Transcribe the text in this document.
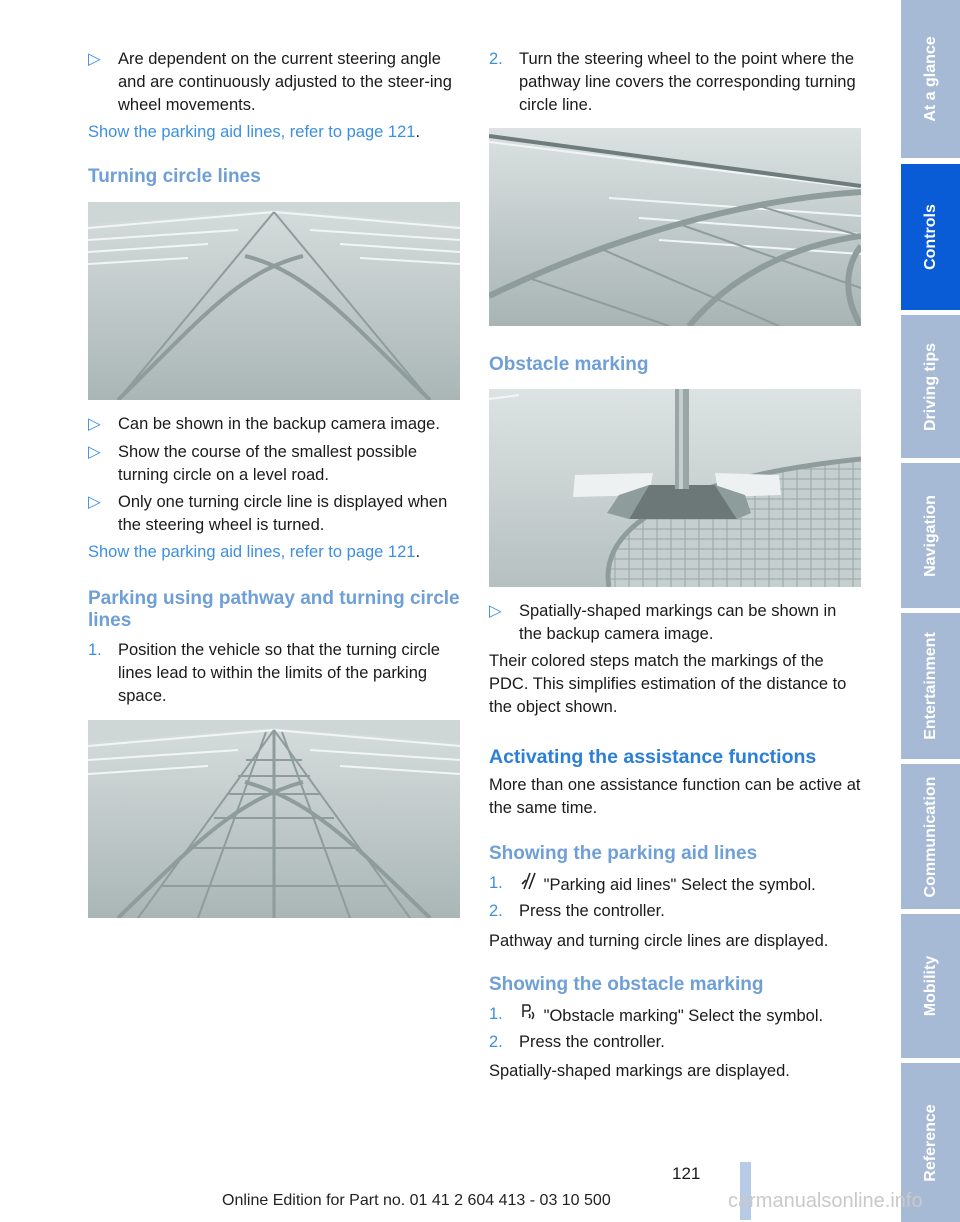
▷ Are dependent on the current steering angle and are continuously adjusted to the steer-ing wheel movements.

Show the parking aid lines, refer to page 121.

Turning circle lines
▷ Can be shown in the backup camera image.
▷ Show the course of the smallest possible turning circle on a level road.
▷ Only one turning circle line is displayed when the steering wheel is turned.

Show the parking aid lines, refer to page 121.

Parking using pathway and turning circle lines
1. Position the vehicle so that the turning circle lines lead to within the limits of the parking space.
2. Turn the steering wheel to the point where the pathway line covers the corresponding turning circle line.
Obstacle marking
▷ Spatially-shaped markings can be shown in the backup camera image.

Their colored steps match the markings of the PDC. This simplifies estimation of the distance to the object shown.

Activating the assistance functions

More than one assistance function can be active at the same time.

Showing the parking aid lines
1.	"Parking aid lines" Select the symbol.
2. Press the controller.

Pathway and turning circle lines are displayed.

Showing the obstacle marking
1.	"Obstacle marking" Select the symbol.
2. Press the controller.

Spatially-shaped markings are displayed.

At a glance
Controls
Driving tips
Navigation
Entertainment
Communication
Mobility
Reference
121
Online Edition for Part no. 01 41 2 604 413 - 03 10 500	carmanualsonline.info
